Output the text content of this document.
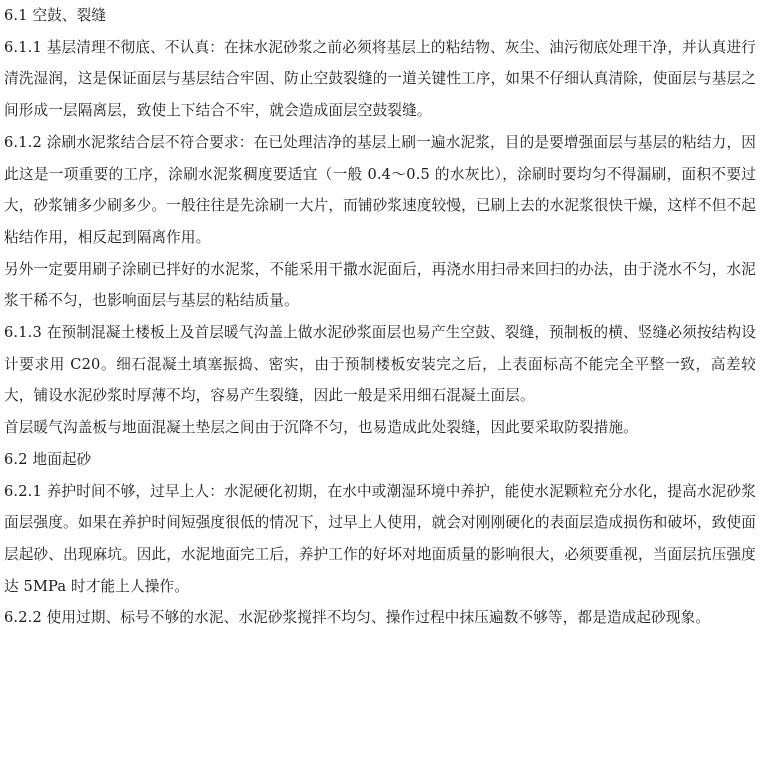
6.1 空鼓、裂缝

6.1.1 基层清理不彻底、不认真：在抹水泥砂浆之前必须将基层上的粘结物、灰尘、油污彻底处理干净，并认真进行清洗湿润，这是保证面层与基层结合牢固、防止空鼓裂缝的一道关键性工序，如果不仔细认真清除，使面层与基层之间形成一层隔离层，致使上下结合不牢，就会造成面层空鼓裂缝。

6.1.2 涂刷水泥浆结合层不符合要求：在已处理洁净的基层上刷一遍水泥浆，目的是要增强面层与基层的粘结力，因此这是一项重要的工序，涂刷水泥浆稠度要适宜（一般 0.4～0.5 的水灰比），涂刷时要均匀不得漏刷，面积不要过大，砂浆铺多少刷多少。一般往往是先涂刷一大片，而铺砂浆速度较慢，已刷上去的水泥浆很快干燥，这样不但不起粘结作用，相反起到隔离作用。

另外一定要用刷子涂刷已拌好的水泥浆，不能采用干撒水泥面后，再浇水用扫帚来回扫的办法，由于浇水不匀，水泥浆干稀不匀，也影响面层与基层的粘结质量。

6.1.3 在预制混凝土楼板上及首层暖气沟盖上做水泥砂浆面层也易产生空鼓、裂缝，预制板的横、竖缝必须按结构设计要求用 C20。细石混凝土填塞振捣、密实，由于预制楼板安装完之后，上表面标高不能完全平整一致，高差较大，铺设水泥砂浆时厚薄不均，容易产生裂缝，因此一般是采用细石混凝土面层。

首层暖气沟盖板与地面混凝土垫层之间由于沉降不匀，也易造成此处裂缝，因此要采取防裂措施。

6.2 地面起砂

6.2.1 养护时间不够，过早上人：水泥硬化初期，在水中或潮湿环境中养护，能使水泥颗粒充分水化，提高水泥砂浆面层强度。如果在养护时间短强度很低的情况下，过早上人使用，就会对刚刚硬化的表面层造成损伤和破坏，致使面层起砂、出现麻坑。因此，水泥地面完工后，养护工作的好坏对地面质量的影响很大，必须要重视，当面层抗压强度达 5MPa 时才能上人操作。

6.2.2 使用过期、标号不够的水泥、水泥砂浆搅拌不均匀、操作过程中抹压遍数不够等，都是造成起砂现象。
